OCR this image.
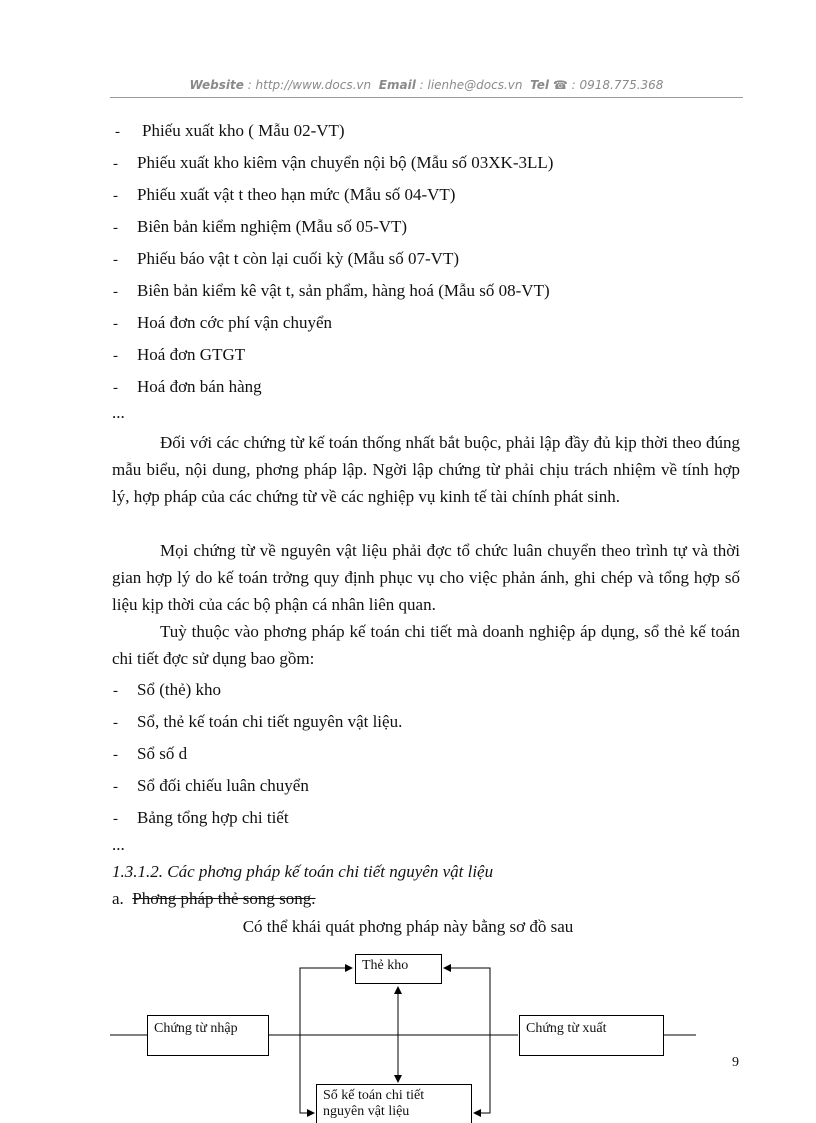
Website : http://www.docs.vn Email : lienhe@docs.vn Tel ☎ : 0918.775.368
- Phiếu xuất kho ( Mẫu 02-VT)
- Phiếu xuất kho kiêm vận chuyển nội bộ (Mẫu số 03XK-3LL)
- Phiếu xuất vật t theo hạn mức (Mẫu số 04-VT)
- Biên bản kiểm nghiệm (Mẫu số 05-VT)
- Phiếu báo vật t còn lại cuối kỳ (Mẫu số 07-VT)
- Biên bản kiểm kê vật t, sản phẩm, hàng hoá (Mẫu số 08-VT)
- Hoá đơn cớc phí vận chuyển
- Hoá đơn GTGT
- Hoá đơn bán hàng
...
Đối với các chứng từ kế toán thống nhất bắt buộc, phải lập đầy đủ kịp thời theo đúng mẫu biểu, nội dung, phơng pháp lập. Ngời lập chứng từ phải chịu trách nhiệm về tính hợp lý, hợp pháp của các chứng từ về các nghiệp vụ kinh tế tài chính phát sinh.
Mọi chứng từ về nguyên vật liệu phải đợc tổ chức luân chuyển theo trình tự và thời gian hợp lý do kế toán trởng quy định phục vụ cho việc phản ánh, ghi chép và tổng hợp số liệu kịp thời của các bộ phận cá nhân liên quan.
Tuỳ thuộc vào phơng pháp kế toán chi tiết mà doanh nghiệp áp dụng, sổ thẻ kế toán chi tiết đợc sử dụng bao gồm:
- Sổ (thẻ) kho
- Sổ, thẻ kế toán chi tiết nguyên vật liệu.
- Sổ số d
- Sổ đối chiếu luân chuyển
- Bảng tổng hợp chi tiết
...
1.3.1.2. Các phơng pháp kế toán chi tiết nguyên vật liệu
a. Phơng pháp thẻ song song.
Có thể khái quát phơng pháp này bằng sơ đồ sau
Thẻ kho
Chứng từ nhập	Chứng từ xuất
Sổ kế toán chi tiết
nguyên vật liệu
9
